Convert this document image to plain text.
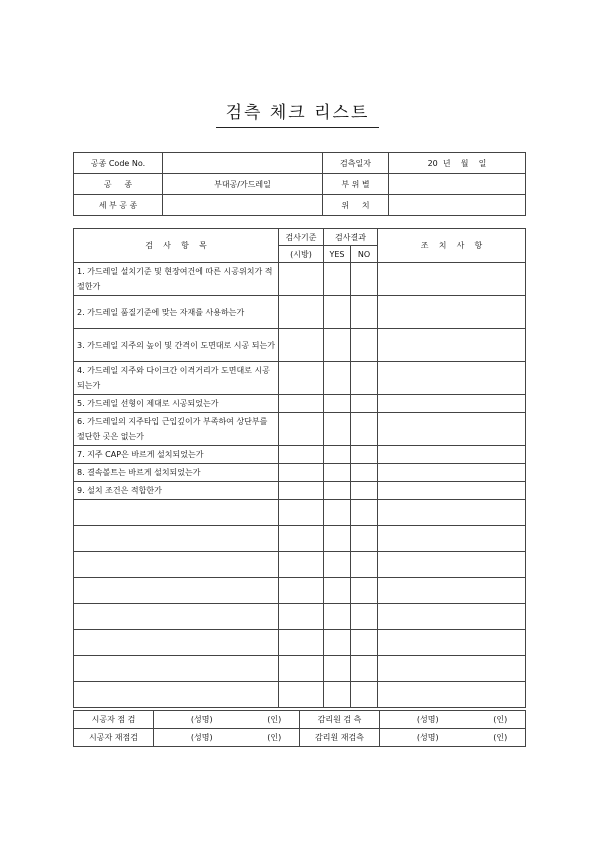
검측 체크 리스트
공종 Code No.		검측일자	20  년    월    일
공     종	부대공/가드레일	부 위 별	
세 부 공 종		위     치	
검    사    항    목	검사기준	검사결과		조    치    사    항
	(시방)	YES	NO	
1. 가드레일 설치기준 및 현장여건에 따른 시공위치가 적절한가				
2. 가드레일 품질기준에 맞는 자재를 사용하는가				
3. 가드레일 지주의 높이 및 간격이 도면대로 시공 되는가				
4. 가드레일 지주와 다이크간 이격거리가 도면대로 시공되는가				
5. 가드레일 선형이 제대로 시공되었는가				
6. 가드레일의 지주타입 근입깊이가 부족하여 상단부를 절단한 곳은 없는가				
7. 지주 CAP은 바르게 설치되었는가				
8. 결속볼트는 바르게 설치되었는가				
9. 설치 조건은 적합한가				

시공자 점 검	(성명)	(인)	감리원 검 측	(성명)	(인)
시공자 재점검	(성명)	(인)	감리원 재검측	(성명)	(인)
